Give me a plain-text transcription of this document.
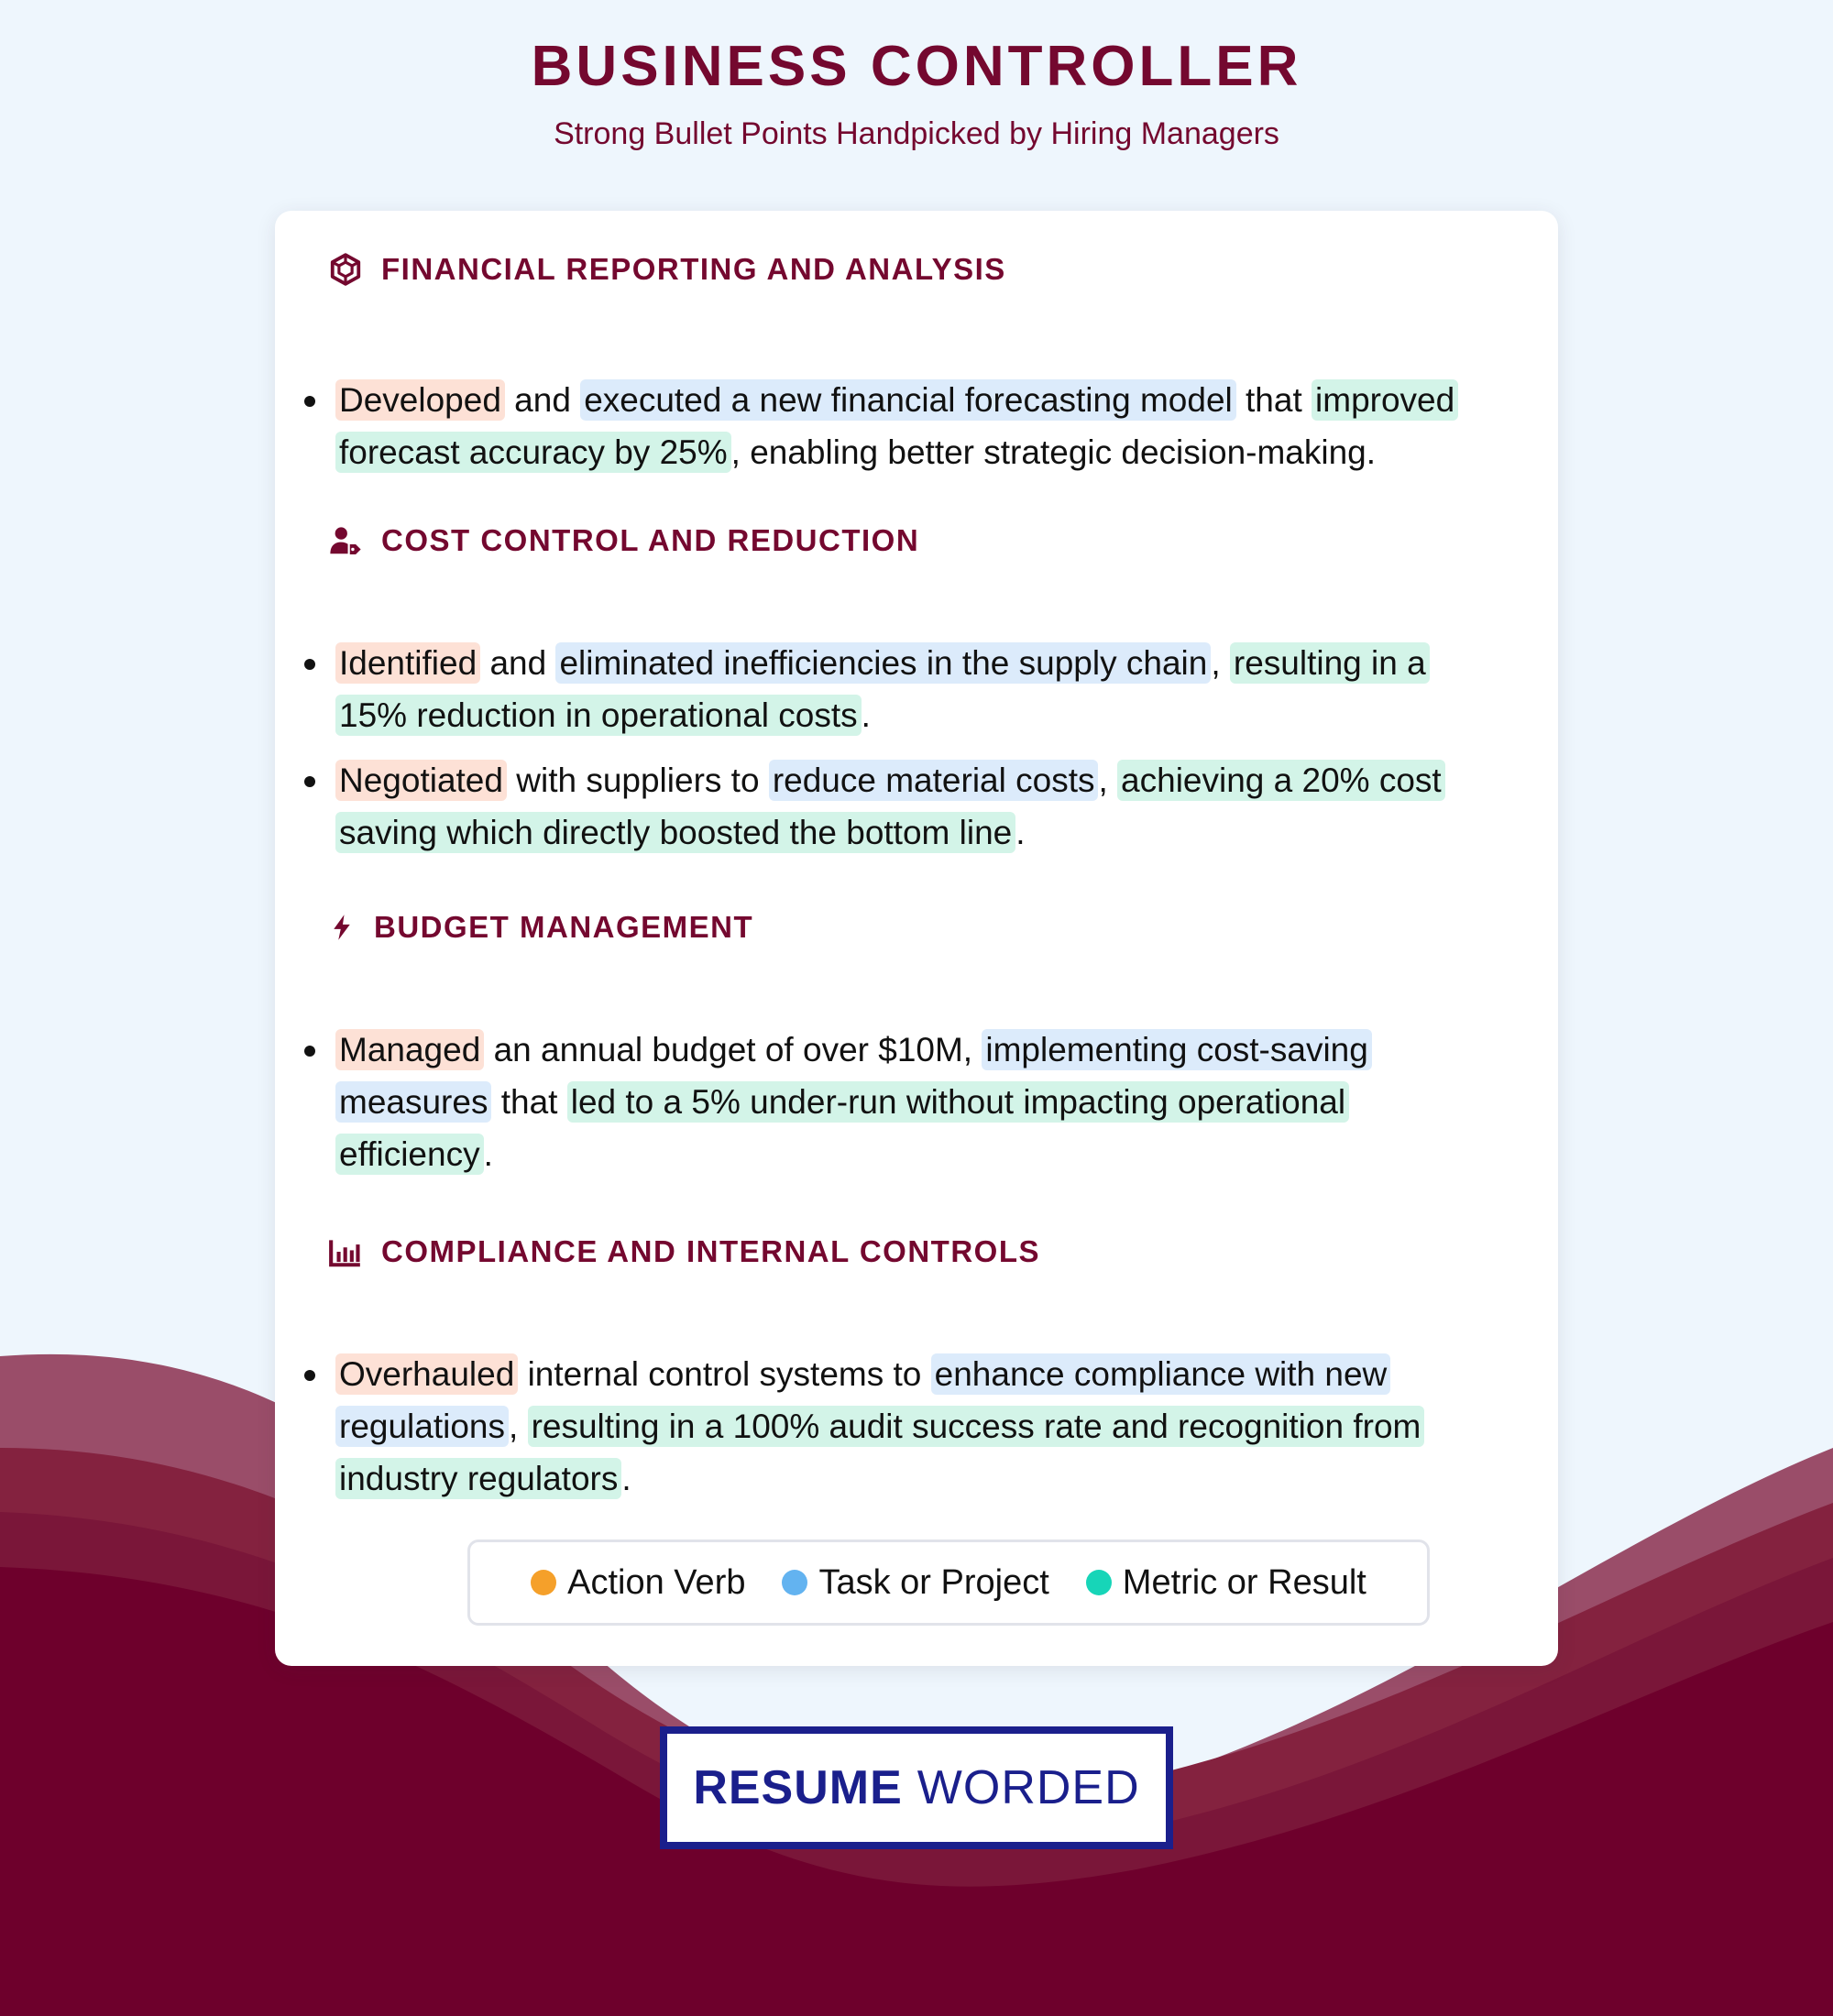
BUSINESS CONTROLLER

Strong Bullet Points Handpicked by Hiring Managers

FINANCIAL REPORTING AND ANALYSIS
Developed and executed a new financial forecasting model that improved forecast accuracy by 25% , enabling better strategic decision-making.
COST CONTROL AND REDUCTION
Identified and eliminated inefficiencies in the supply chain , resulting in a 15% reduction in operational costs .
Negotiated with suppliers to reduce material costs , achieving a 20% cost saving which directly boosted the bottom line .
BUDGET MANAGEMENT
Managed an annual budget of over $10M, implementing cost-saving measures that led to a 5% under-run without impacting operational efficiency .
COMPLIANCE AND INTERNAL CONTROLS
Overhauled internal control systems to enhance compliance with new regulations , resulting in a 100% audit success rate and recognition from industry regulators .
Action Verb Task or Project Metric or Result
RESUME WORDED
